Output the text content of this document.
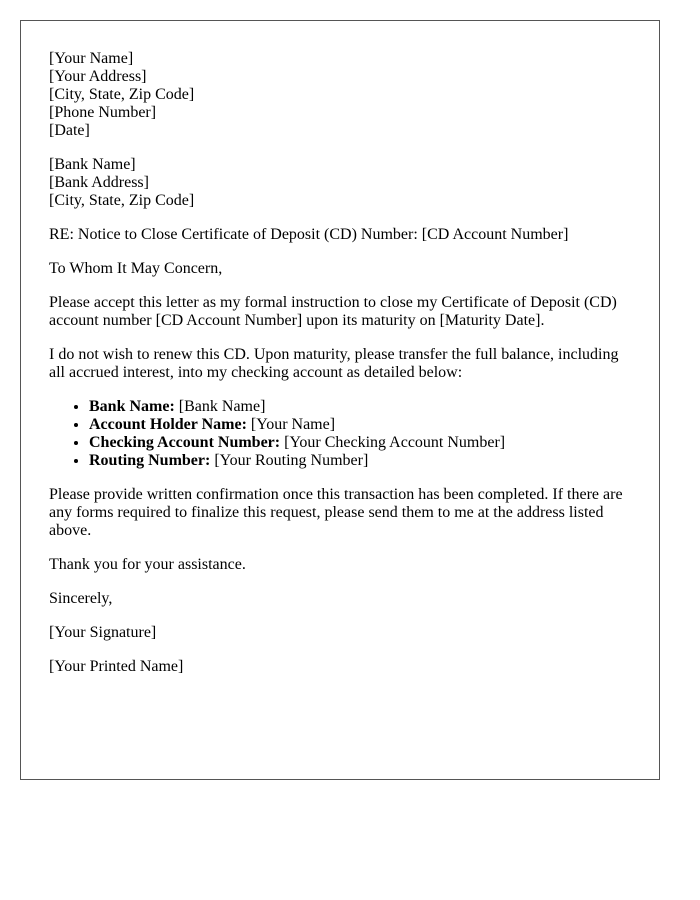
[Your Name]
[Your Address]
[City, State, Zip Code]
[Phone Number]
[Date]
[Bank Name]
[Bank Address]
[City, State, Zip Code]

RE: Notice to Close Certificate of Deposit (CD) Number: [CD Account Number]

To Whom It May Concern,

Please accept this letter as my formal instruction to close my Certificate of Deposit (CD) account number [CD Account Number] upon its maturity on [Maturity Date].

I do not wish to renew this CD. Upon maturity, please transfer the full balance, including all accrued interest, into my checking account as detailed below:

• Bank Name: [Bank Name]
• Account Holder Name: [Your Name]
• Checking Account Number: [Your Checking Account Number]
• Routing Number: [Your Routing Number]

Please provide written confirmation once this transaction has been completed. If there are any forms required to finalize this request, please send them to me at the address listed above.

Thank you for your assistance.

Sincerely,

[Your Signature]

[Your Printed Name]
